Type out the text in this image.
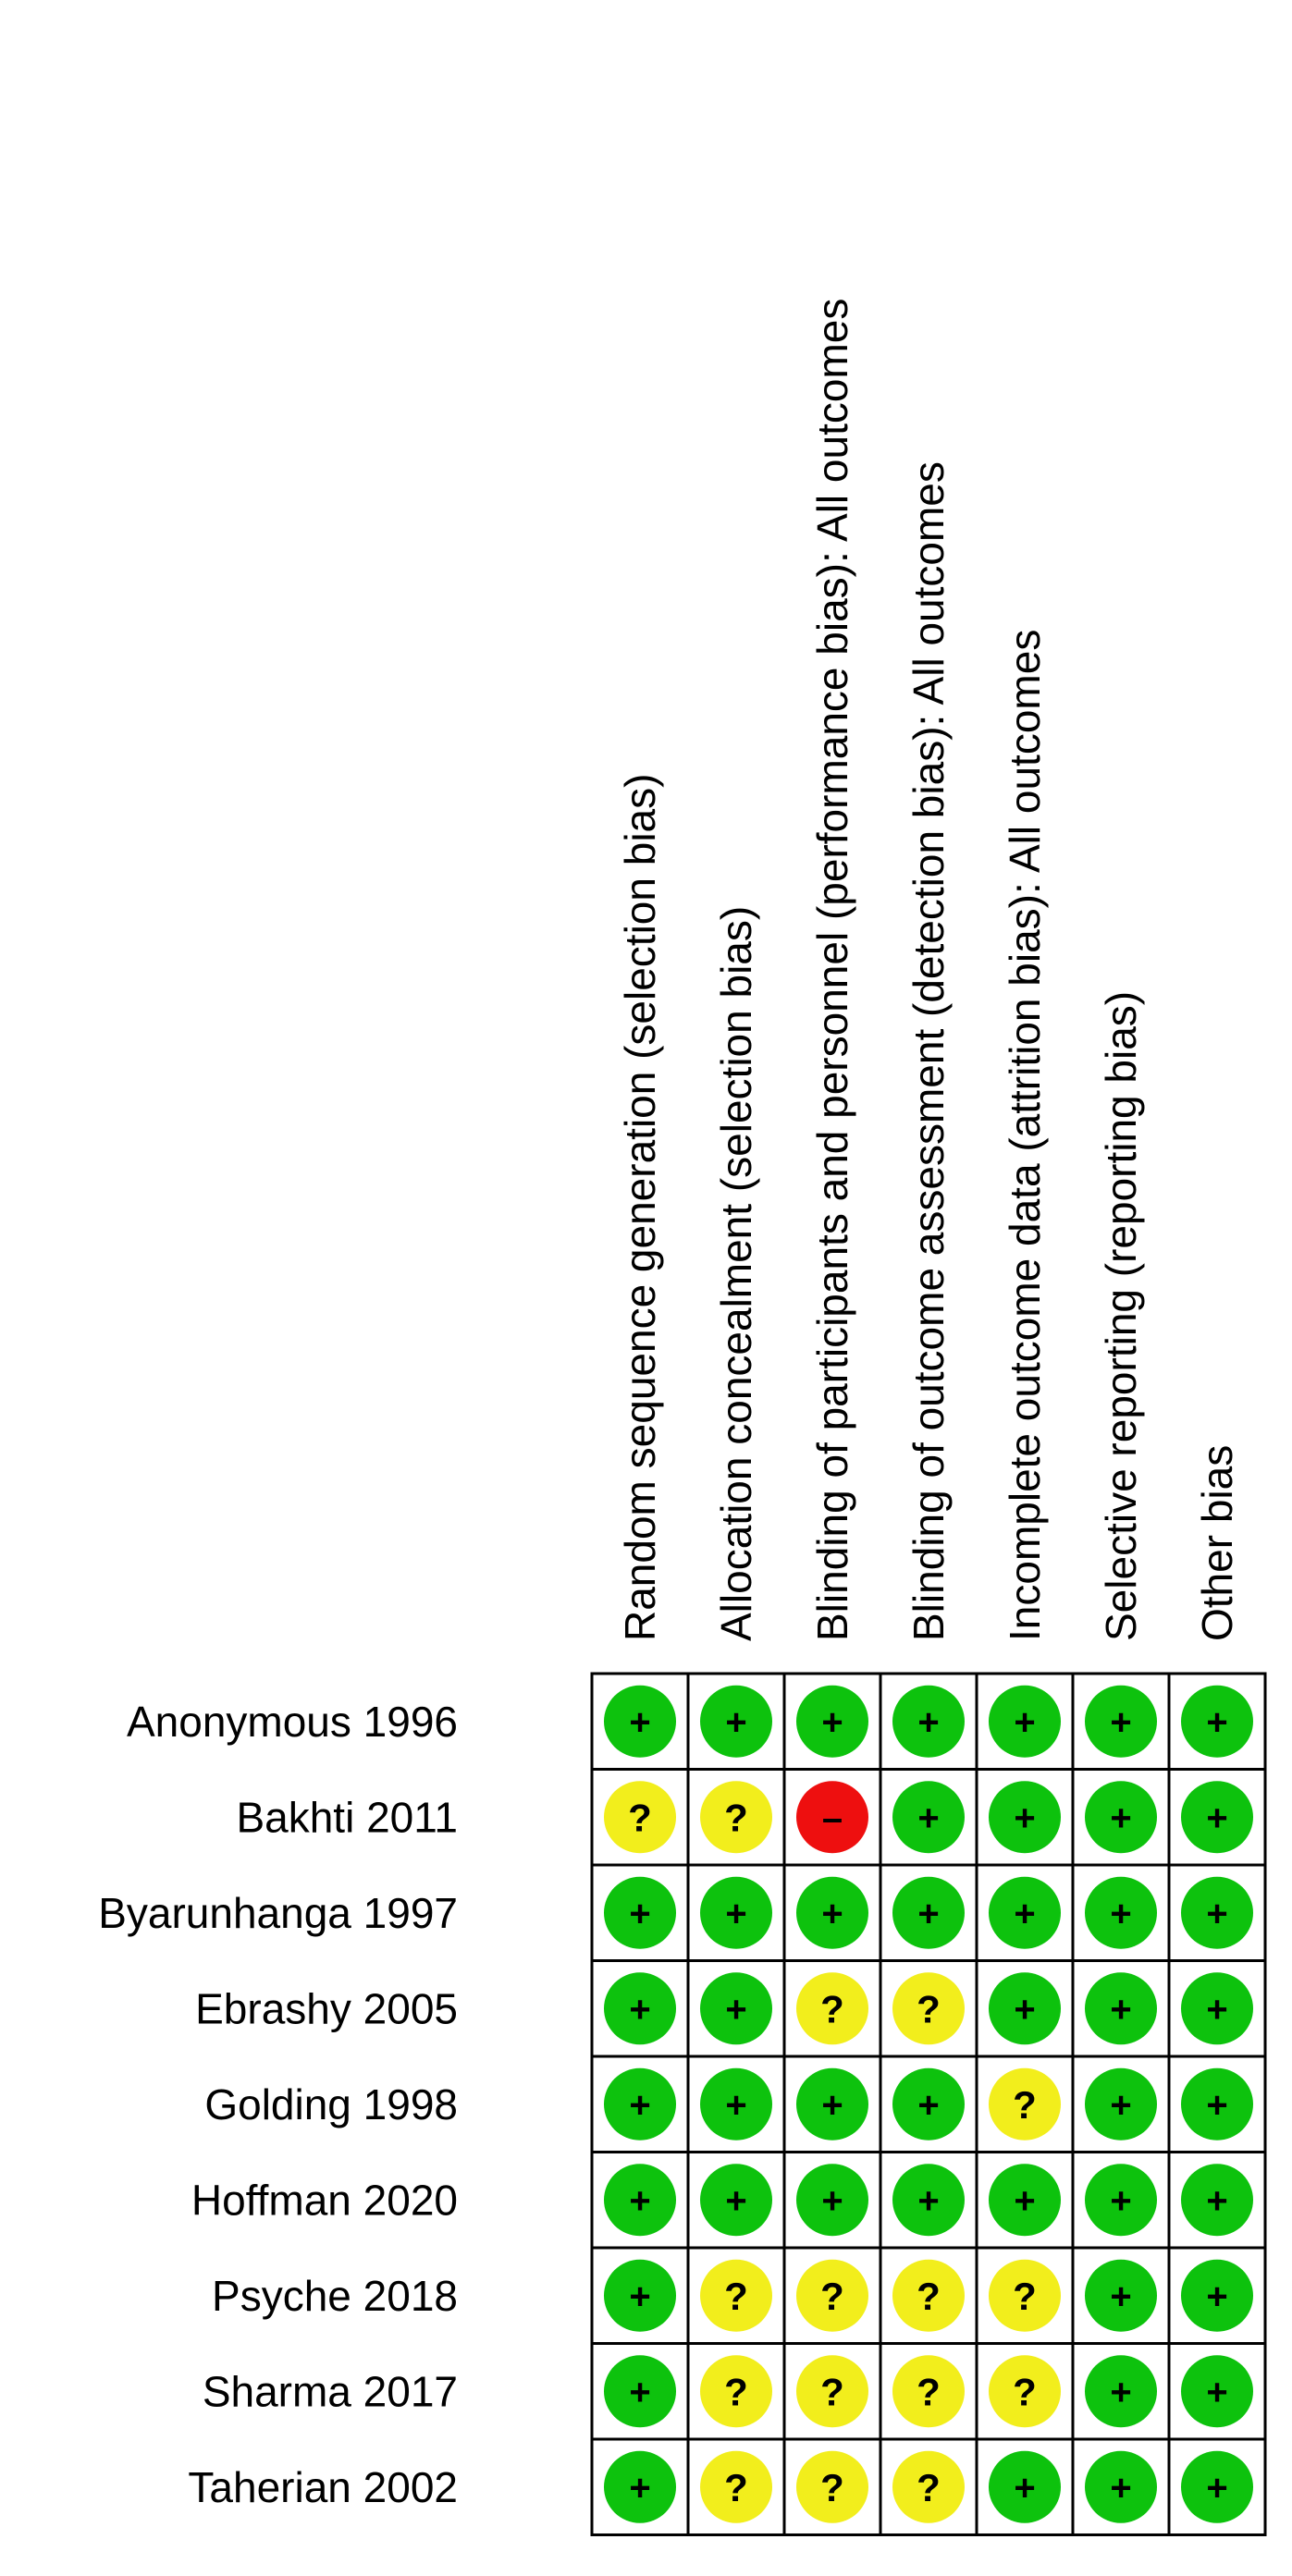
Random sequence generation (selection bias) Allocation concealment (selection bias) Blinding of participants and personnel (performance bias): All outcomes Blinding of outcome assessment (detection bias): All outcomes Incomplete outcome data (attrition bias): All outcomes Selective reporting (reporting bias) Other bias
Anonymous 1996
Bakhti 2011
Byarunhanga 1997
Ebrashy 2005
Golding 1998
Hoffman 2020
Psyche 2018
Sharma 2017
Taherian 2002
+ + + + + + +
? ? – + + + +
+ + + + + + +
+ + ? ? + + +
+ + + + ? + +
+ + + + + + +
+ ? ? ? ? + +
+ ? ? ? ? + +
+ ? ? ? + + +
